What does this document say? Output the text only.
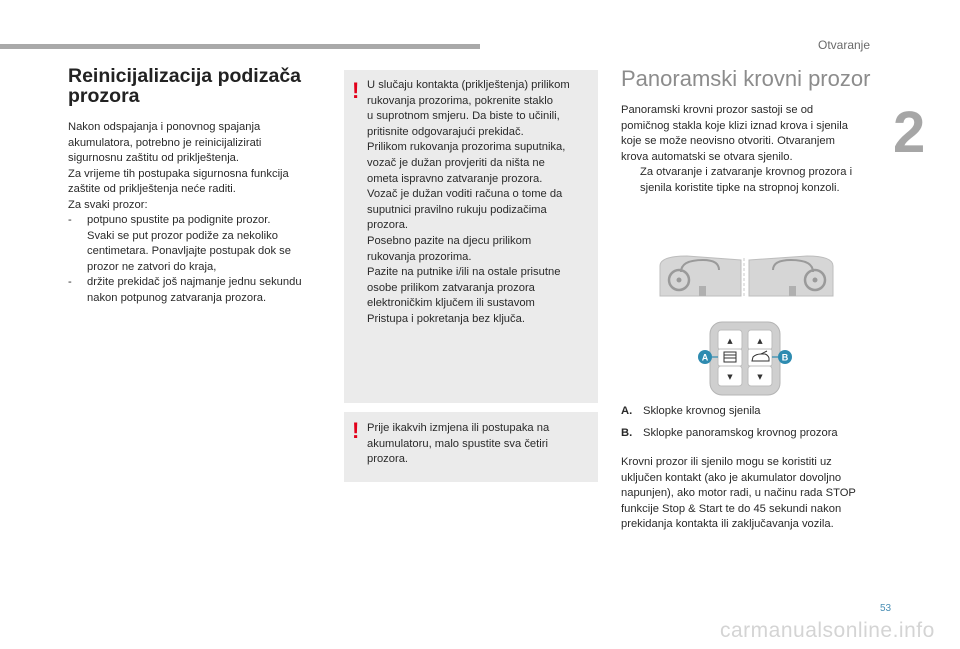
Otvaranje
2
Reinicijalizacija podizača
prozora

Nakon odspajanja i ponovnog spajanja
akumulatora, potrebno je reinicijalizirati
sigurnosnu zaštitu od priklještenja.

Za vrijeme tih postupaka sigurnosna funkcija
zaštite od priklještenja neće raditi.

Za svaki prozor:

-	potpuno spustite pa podignite prozor.
Svaki se put prozor podiže za nekoliko
centimetara. Ponavljajte postupak dok se
prozor ne zatvori do kraja,
-	držite prekidač još najmanje jednu sekundu
nakon potpunog zatvaranja prozora.
! U slučaju kontakta (priklještenja) prilikom
rukovanja prozorima, pokrenite staklo
u suprotnom smjeru. Da biste to učinili,
pritisnite odgovarajući prekidač.
Prilikom rukovanja prozorima suputnika,
vozač je dužan provjeriti da ništa ne
ometa ispravno zatvaranje prozora.
Vozač je dužan voditi računa o tome da
suputnici pravilno rukuju podizačima
prozora.
Posebno pazite na djecu prilikom
rukovanja prozorima.
Pazite na putnike i/ili na ostale prisutne
osobe prilikom zatvaranja prozora
elektroničkim ključem ili sustavom
Pristupa i pokretanja bez ključa.
! Prije ikakvih izmjena ili postupaka na
akumulatoru, malo spustite sva četiri
prozora.
Panoramski krovni prozor

Panoramski krovni prozor sastoji se od
pomičnog stakla koje klizi iznad krova i sjenila
koje se može neovisno otvoriti. Otvaranjem
krova automatski se otvara sjenilo.

Za otvaranje i zatvaranje krovnog prozora i
sjenila koristite tipke na stropnoj konzoli.
▲	▲
▼	▼
A	B
A. Sklopke krovnog sjenila
B. Sklopke panoramskog krovnog prozora
Krovni prozor ili sjenilo mogu se koristiti uz
uključen kontakt (ako je akumulator dovoljno
napunjen), ako motor radi, u načinu rada STOP
funkcije Stop & Start te do 45 sekundi nakon
prekidanja kontakta ili zaključavanja vozila.
53
carmanualsonline.info
